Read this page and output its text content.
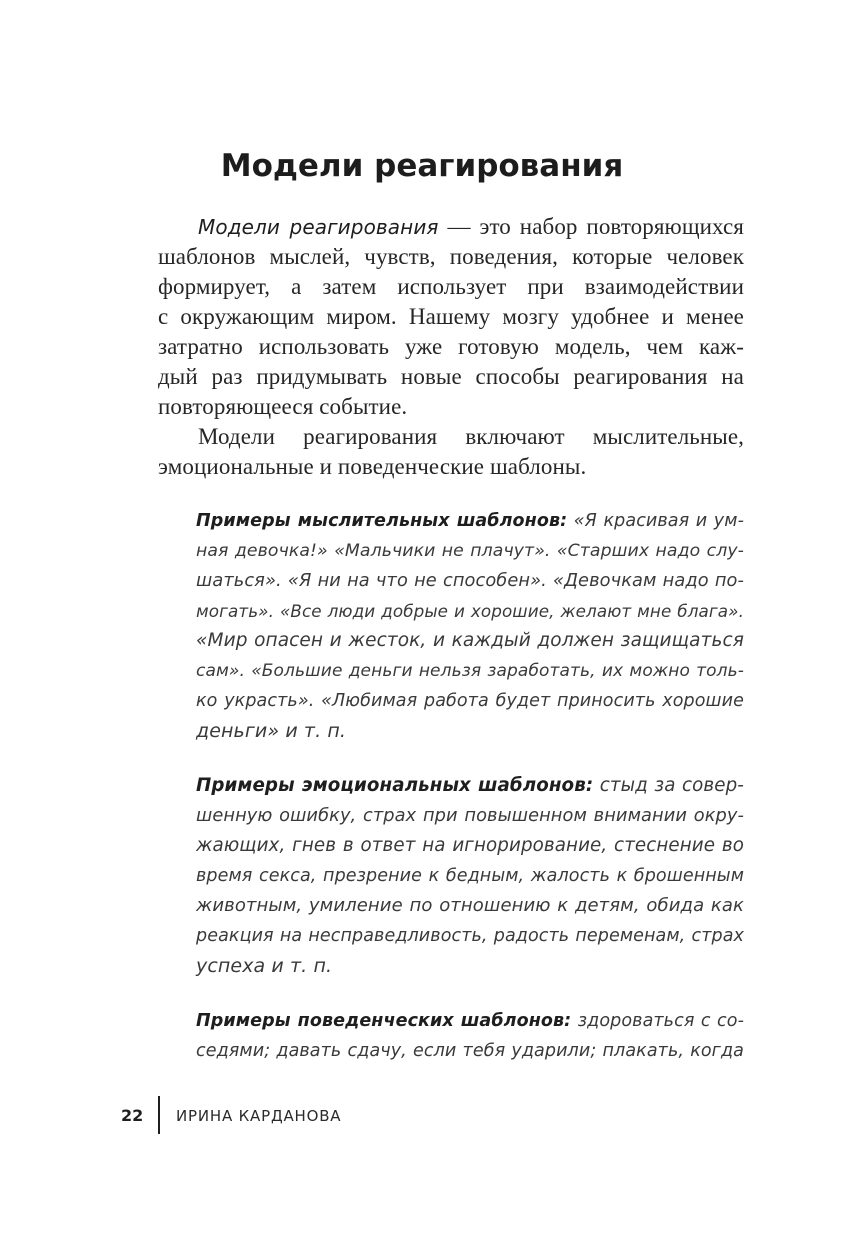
Модели реагирования
Модели реагирования — это набор повторяющихся
шаблонов мыслей, чувств, поведения, которые человек
формирует, а затем использует при взаимодействии
с окружающим миром. Нашему мозгу удобнее и менее
затратно использовать уже готовую модель, чем каж-
дый раз придумывать новые способы реагирования на
повторяющееся событие.
Модели реагирования включают мыслительные,
эмоциональные и поведенческие шаблоны.
Примеры мыслительных шаблонов: «Я красивая и ум-
ная девочка!» «Мальчики не плачут». «Старших надо слу-
шаться». «Я ни на что не способен». «Девочкам надо по-
могать». «Все люди добрые и хорошие, желают мне блага».
«Мир опасен и жесток, и каждый должен защищаться
сам». «Большие деньги нельзя заработать, их можно толь-
ко украсть». «Любимая работа будет приносить хорошие
деньги» и т. п.
Примеры эмоциональных шаблонов: стыд за совер-
шенную ошибку, страх при повышенном внимании окру-
жающих, гнев в ответ на игнорирование, стеснение во
время секса, презрение к бедным, жалость к брошенным
животным, умиление по отношению к детям, обида как
реакция на несправедливость, радость переменам, страх
успеха и т. п.
Примеры поведенческих шаблонов: здороваться с со-
седями; давать сдачу, если тебя ударили; плакать, когда
22 ИРИНА КАРДАНОВА
